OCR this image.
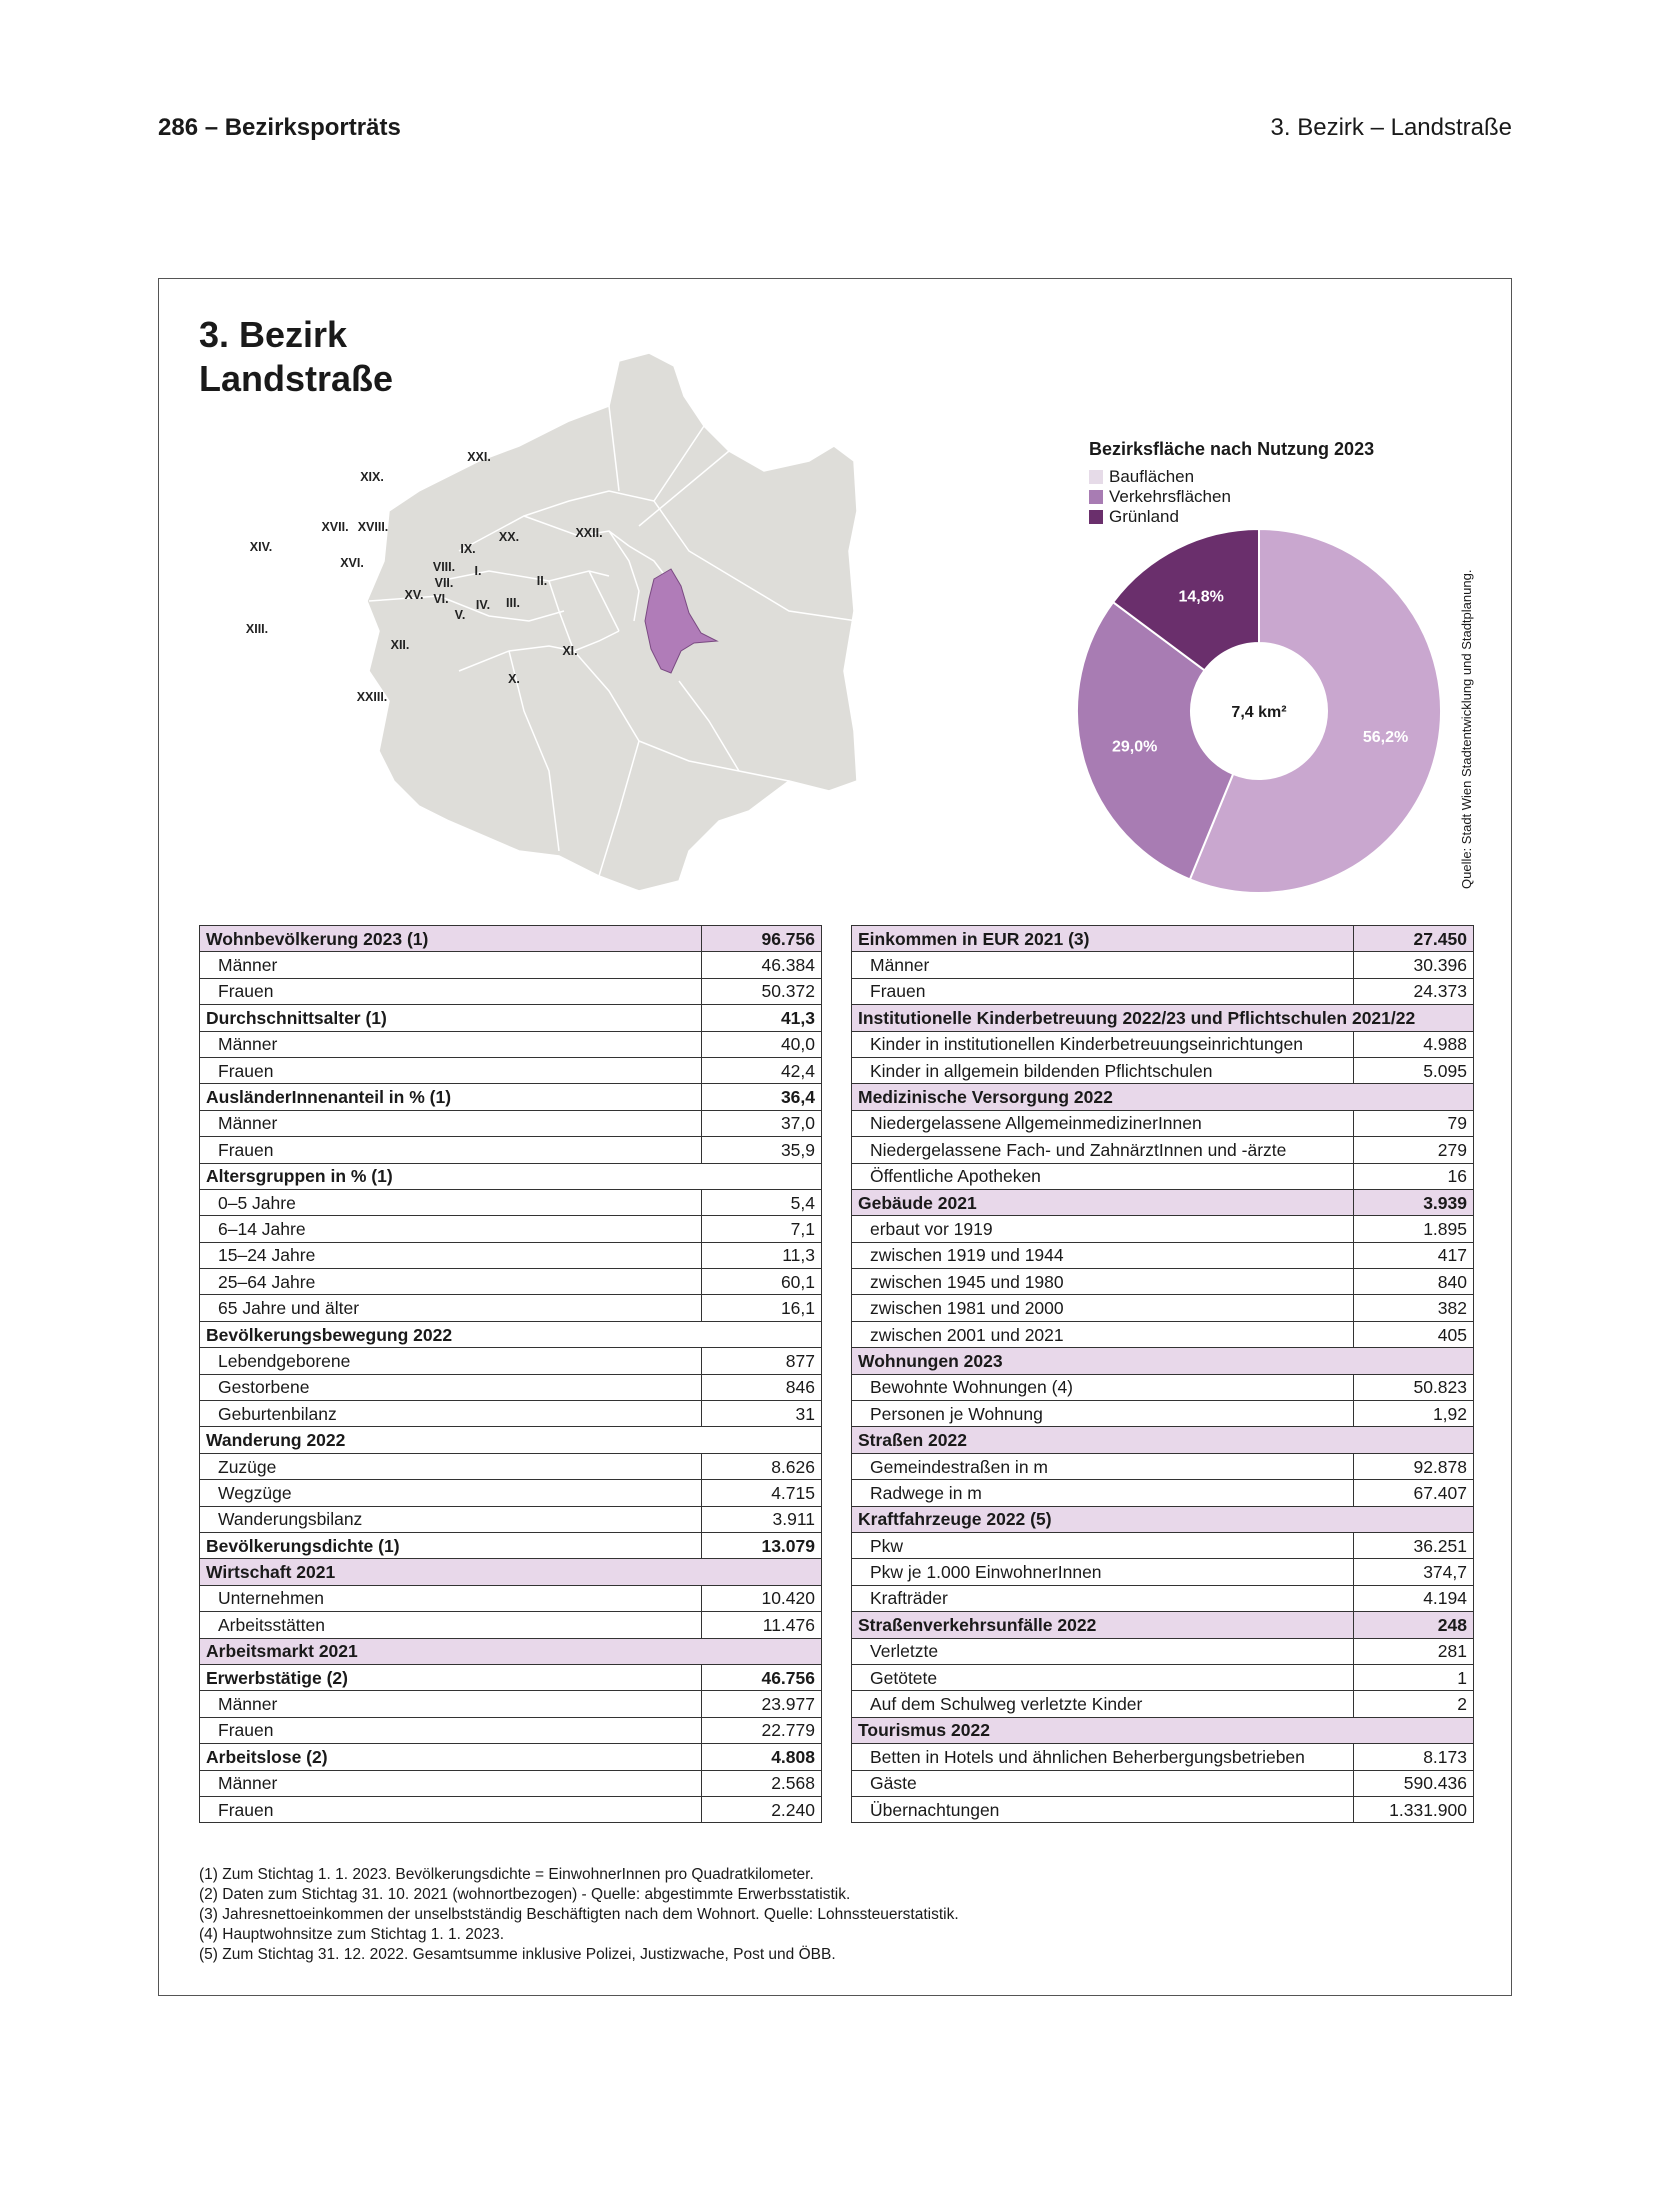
286 – Bezirksporträts	3. Bezirk – Landstraße
3. Bezirk
Landstraße
XXI.
XIX.
XX.
XVII. XVIII.	XXII.
XIV.
XVI.
IX.
VIII. I.
VII.	II.
XV. VI. IV. III.
V.
XIII.
XII.	XI.
X.
XXIII.
Bezirksfläche nach Nutzung 2023
Bauflächen
Verkehrsflächen
Grünland
56,2%
29,0%
14,8%
7,4 km²	Quelle: Stadt Wien Stadtentwicklung und Stadtplanung.
Wohnbevölkerung 2023 (1)	96.756
Männer	46.384
Frauen	50.372
Durchschnittsalter (1)	41,3
Männer	40,0
Frauen	42,4
AusländerInnenanteil in % (1)	36,4
Männer	37,0
Frauen	35,9
Altersgruppen in % (1)	
0–5 Jahre	5,4
6–14 Jahre	7,1
15–24 Jahre	11,3
25–64 Jahre	60,1
65 Jahre und älter	16,1
Bevölkerungsbewegung 2022	
Lebendgeborene	877
Gestorbene	846
Geburtenbilanz	31
Wanderung 2022	
Zuzüge	8.626
Wegzüge	4.715
Wanderungsbilanz	3.911
Bevölkerungsdichte (1)	13.079
Wirtschaft 2021	
Unternehmen	10.420
Arbeitsstätten	11.476
Arbeitsmarkt 2021	
Erwerbstätige (2)	46.756
Männer	23.977
Frauen	22.779
Arbeitslose (2)	4.808
Männer	2.568
Frauen	2.240
Einkommen in EUR 2021 (3)	27.450
Männer	30.396
Frauen	24.373
Institutionelle Kinderbetreuung 2022/23 und Pflichtschulen 2021/22	
Kinder in institutionellen Kinderbetreuungseinrichtungen	4.988
Kinder in allgemein bildenden Pflichtschulen	5.095
Medizinische Versorgung 2022	
Niedergelassene AllgemeinmedizinerInnen	79
Niedergelassene Fach- und ZahnärztInnen und -ärzte	279
Öffentliche Apotheken	16
Gebäude 2021	3.939
erbaut vor 1919	1.895
zwischen 1919 und 1944	417
zwischen 1945 und 1980	840
zwischen 1981 und 2000	382
zwischen 2001 und 2021	405
Wohnungen 2023	
Bewohnte Wohnungen (4)	50.823
Personen je Wohnung	1,92
Straßen 2022	
Gemeindestraßen in m	92.878
Radwege in m	67.407
Kraftfahrzeuge 2022 (5)	
Pkw	36.251
Pkw je 1.000 EinwohnerInnen	374,7
Krafträder	4.194
Straßenverkehrsunfälle 2022	248
Verletzte	281
Getötete	1
Auf dem Schulweg verletzte Kinder	2
Tourismus 2022	
Betten in Hotels und ähnlichen Beherbergungsbetrieben	8.173
Gäste	590.436
Übernachtungen	1.331.900
(1) Zum Stichtag 1. 1. 2023. Bevölkerungsdichte = EinwohnerInnen pro Quadratkilometer.
(2) Daten zum Stichtag 31. 10. 2021 (wohnortbezogen) - Quelle: abgestimmte Erwerbsstatistik.
(3) Jahresnettoeinkommen der unselbstständig Beschäftigten nach dem Wohnort. Quelle: Lohnssteuerstatistik.
(4) Hauptwohnsitze zum Stichtag 1. 1. 2023.
(5) Zum Stichtag 31. 12. 2022. Gesamtsumme inklusive Polizei, Justizwache, Post und ÖBB.
